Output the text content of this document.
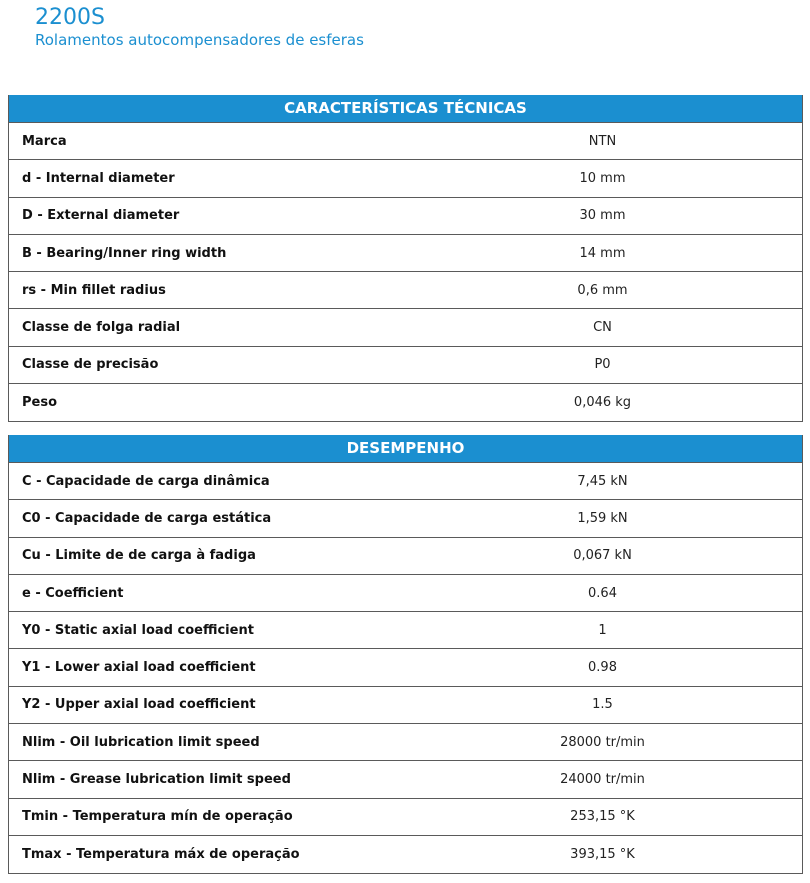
2200S

Rolamentos autocompensadores de esferas

CARACTERÍSTICAS TÉCNICAS
Marca	NTN
d - Internal diameter	10 mm
D - External diameter	30 mm
B - Bearing/Inner ring width	14 mm
rs - Min fillet radius	0,6 mm
Classe de folga radial	CN
Classe de precisão	P0
Peso	0,046 kg
DESEMPENHO
C - Capacidade de carga dinâmica	7,45 kN
C0 - Capacidade de carga estática	1,59 kN
Cu - Limite de de carga à fadiga	0,067 kN
e - Coefficient	0.64
Y0 - Static axial load coefficient	1
Y1 - Lower axial load coefficient	0.98
Y2 - Upper axial load coefficient	1.5
Nlim - Oil lubrication limit speed	28000 tr/min
Nlim - Grease lubrication limit speed	24000 tr/min
Tmin - Temperatura mín de operação	253,15 °K
Tmax - Temperatura máx de operação	393,15 °K
